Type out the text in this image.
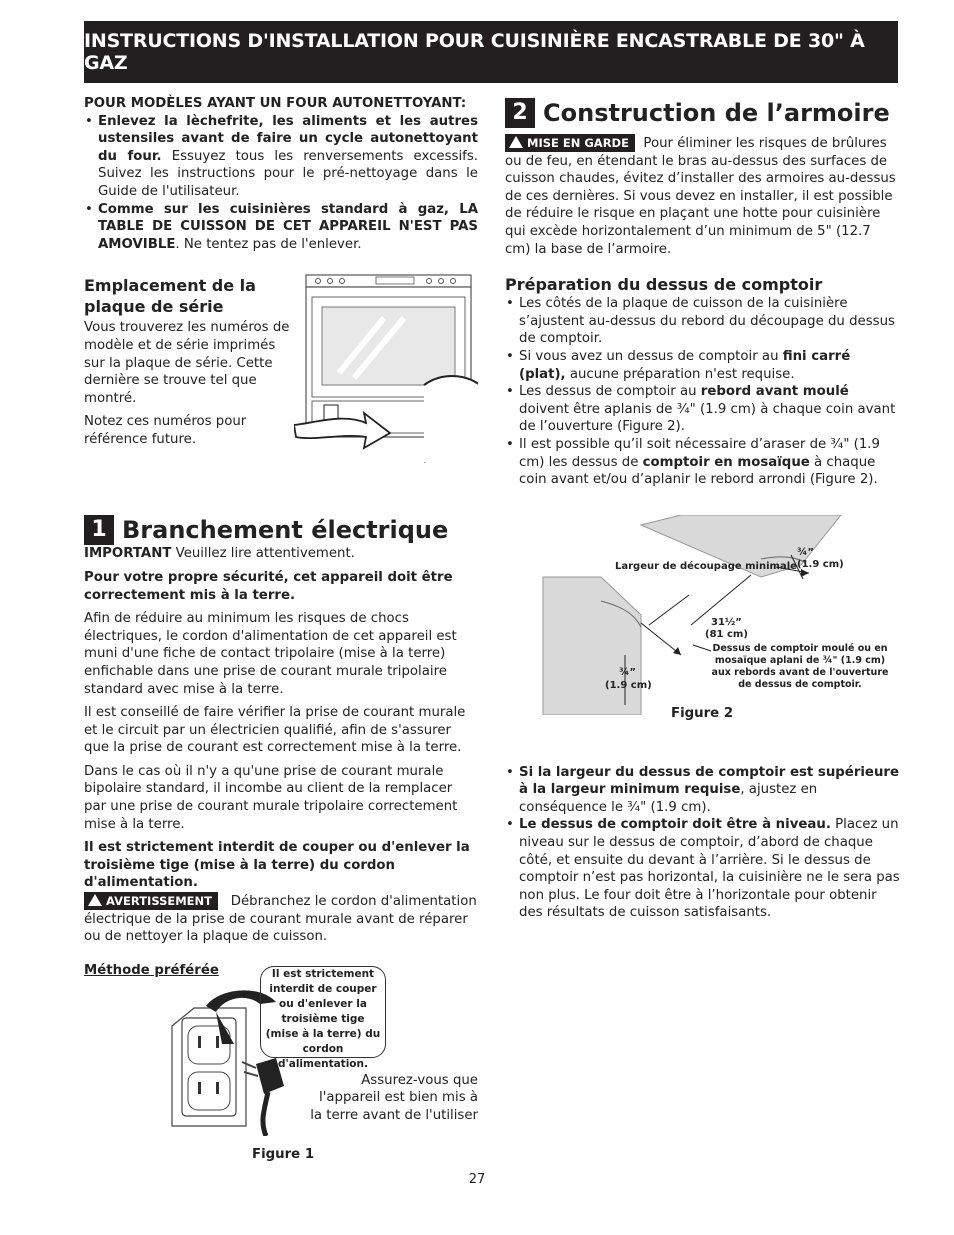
INSTRUCTIONS D'INSTALLATION POUR CUISINIÈRE ENCASTRABLE DE 30" À GAZ

POUR MODÈLES AYANT UN FOUR AUTONETTOYANT:

• Enlevez la lèchefrite, les aliments et les autres ustensiles avant de faire un cycle autonettoyant du four. Essuyez tous les renversements excessifs. Suivez les instructions pour le pré-nettoyage dans le Guide de l'utilisateur.
• Comme sur les cuisinières standard à gaz, LA TABLE DE CUISSON DE CET APPAREIL N'EST PAS AMOVIBLE. Ne tentez pas de l'enlever.

Emplacement de la plaque de série

Vous trouverez les numéros de modèle et de série imprimés sur la plaque de série. Cette dernière se trouve tel que montré.

Notez ces numéros pour référence future.

1 Branchement électrique

IMPORTANT Veuillez lire attentivement.

Pour votre propre sécurité, cet appareil doit être correctement mis à la terre.

Afin de réduire au minimum les risques de chocs électriques, le cordon d'alimentation de cet appareil est muni d'une fiche de contact tripolaire (mise à la terre) enfichable dans une prise de courant murale tripolaire standard avec mise à la terre.

Il est conseillé de faire vérifier la prise de courant murale et le circuit par un électricien qualifié, afin de s'assurer que la prise de courant est correctement mise à la terre.

Dans le cas où il n'y a qu'une prise de courant murale bipolaire standard, il incombe au client de la remplacer par une prise de courant murale tripolaire correctement mise à la terre.

Il est strictement interdit de couper ou d'enlever la troisième tige (mise à la terre) du cordon d'alimentation.

AVERTISSEMENT Débranchez le cordon d'alimentation électrique de la prise de courant murale avant de réparer ou de nettoyer la plaque de cuisson.

Méthode préférée	Il est strictement interdit de couper ou d'enlever la troisième tige (mise à la terre) du cordon d'alimentation.

Assurez-vous que l'appareil est bien mis à la terre avant de l'utiliser

Figure 1

2 Construction de l’armoire

MISE EN GARDE Pour éliminer les risques de brûlures ou de feu, en étendant le bras au-dessus des surfaces de cuisson chaudes, évitez d’installer des armoires au-dessus de ces dernières. Si vous devez en installer, il est possible de réduire le risque en plaçant une hotte pour cuisinière qui excède horizontalement d’un minimum de 5" (12.7 cm) la base de l’armoire.

Préparation du dessus de comptoir

• Les côtés de la plaque de cuisson de la cuisinière s’ajustent au-dessus du rebord du découpage du dessus de comptoir.
• Si vous avez un dessus de comptoir au fini carré (plat), aucune préparation n'est requise.
• Les dessus de comptoir au rebord avant moulé doivent être aplanis de ¾" (1.9 cm) à chaque coin avant de l’ouverture (Figure 2).
• Il est possible qu’il soit nécessaire d’araser de ¾" (1.9 cm) les dessus de comptoir en mosaïque à chaque coin avant et/ou d’aplanir le rebord arrondi (Figure 2).

Largeur de découpage minimale

¾”

(1.9 cm)

31½”

(81 cm)

Dessus de comptoir moulé ou en mosaïque aplani de ¾" (1.9 cm) aux rebords avant de l'ouverture de dessus de comptoir.

¾”

(1.9 cm)

Figure 2

• Si la largeur du dessus de comptoir est supérieure à la largeur minimum requise, ajustez en conséquence le ¾" (1.9 cm).
• Le dessus de comptoir doit être à niveau. Placez un niveau sur le dessus de comptoir, d’abord de chaque côté, et ensuite du devant à l’arrière. Si le dessus de comptoir n’est pas horizontal, la cuisinière ne le sera pas non plus. Le four doit être à l’horizontale pour obtenir des résultats de cuisson satisfaisants.
27
